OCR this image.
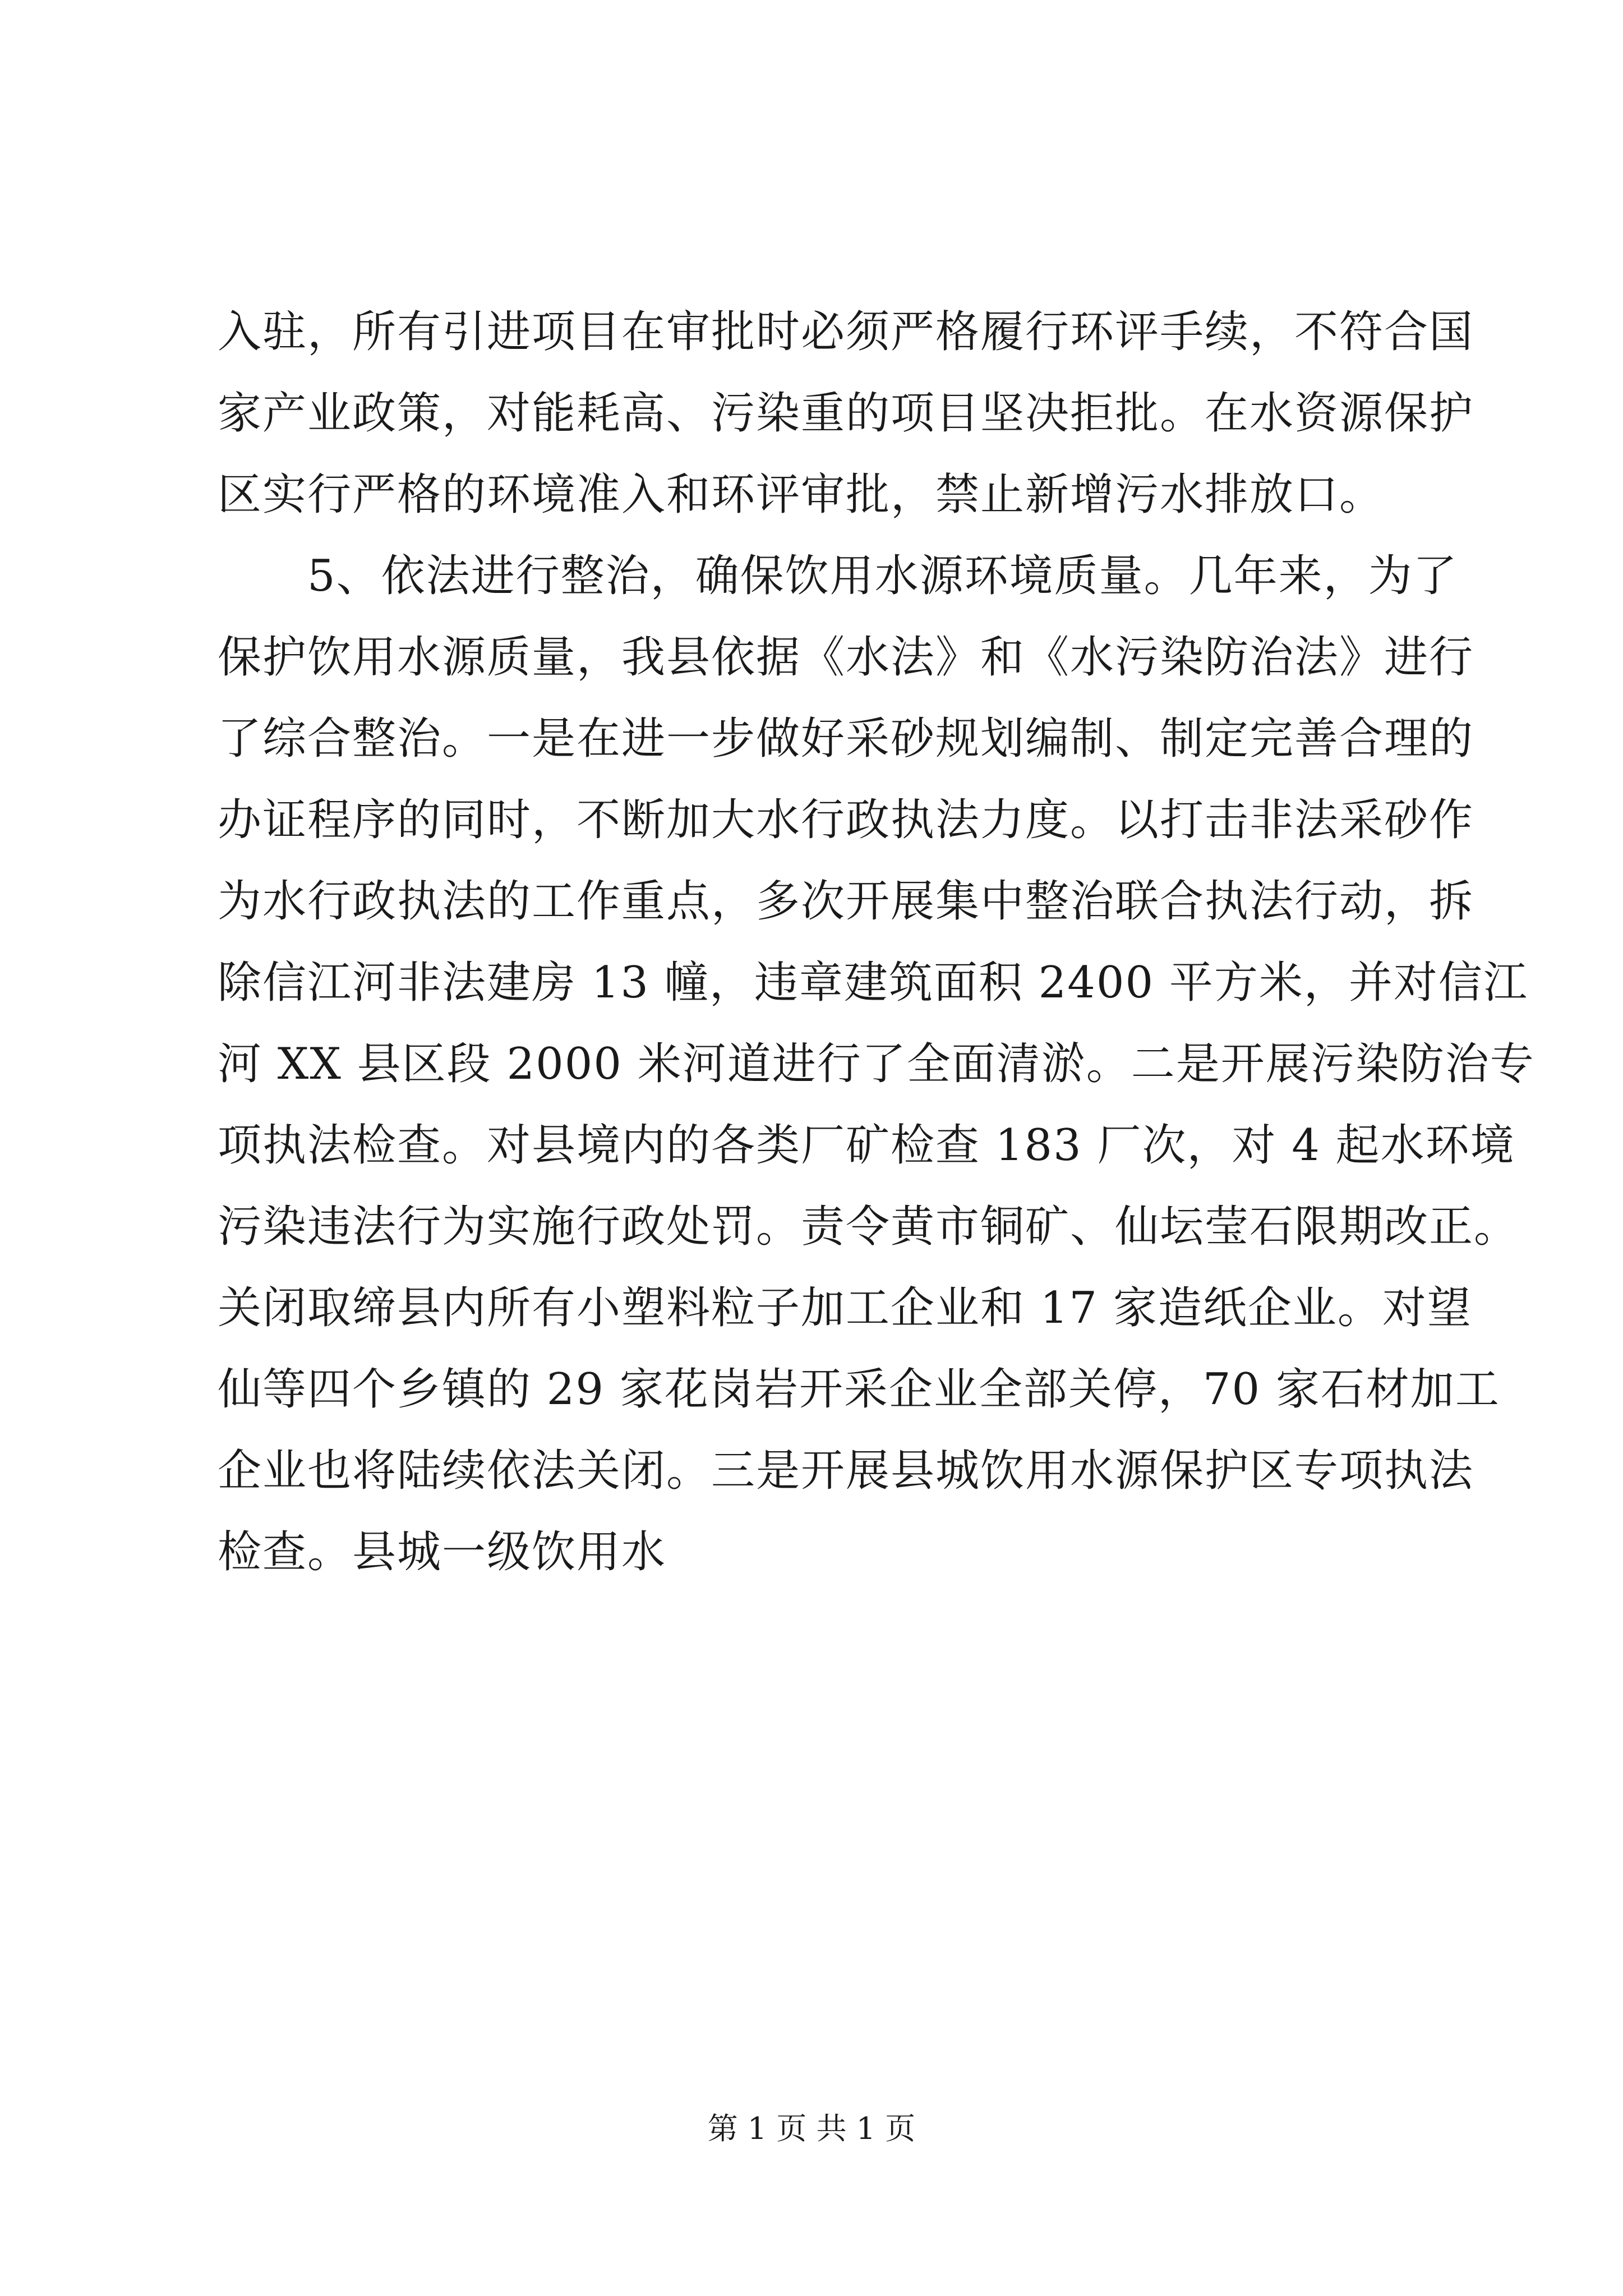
入驻，所有引进项目在审批时必须严格履行环评手续，不符合国
家产业政策，对能耗高、污染重的项目坚决拒批。在水资源保护
区实行严格的环境准入和环评审批，禁止新增污水排放口。
5、依法进行整治，确保饮用水源环境质量。几年来，为了
保护饮用水源质量，我县依据《水法》和《水污染防治法》进行
了综合整治。一是在进一步做好采砂规划编制、制定完善合理的
办证程序的同时，不断加大水行政执法力度。以打击非法采砂作
为水行政执法的工作重点，多次开展集中整治联合执法行动，拆
除信江河非法建房 13 幢，违章建筑面积 2400 平方米，并对信江
河 XX 县区段 2000 米河道进行了全面清淤。二是开展污染防治专
项执法检查。对县境内的各类厂矿检查 183 厂次，对 4 起水环境
污染违法行为实施行政处罚。责令黄市铜矿、仙坛莹石限期改正。
关闭取缔县内所有小塑料粒子加工企业和 17 家造纸企业。对望
仙等四个乡镇的 29 家花岗岩开采企业全部关停，70 家石材加工
企业也将陆续依法关闭。三是开展县城饮用水源保护区专项执法
检查。县城一级饮用水
第 1 页 共 1 页
